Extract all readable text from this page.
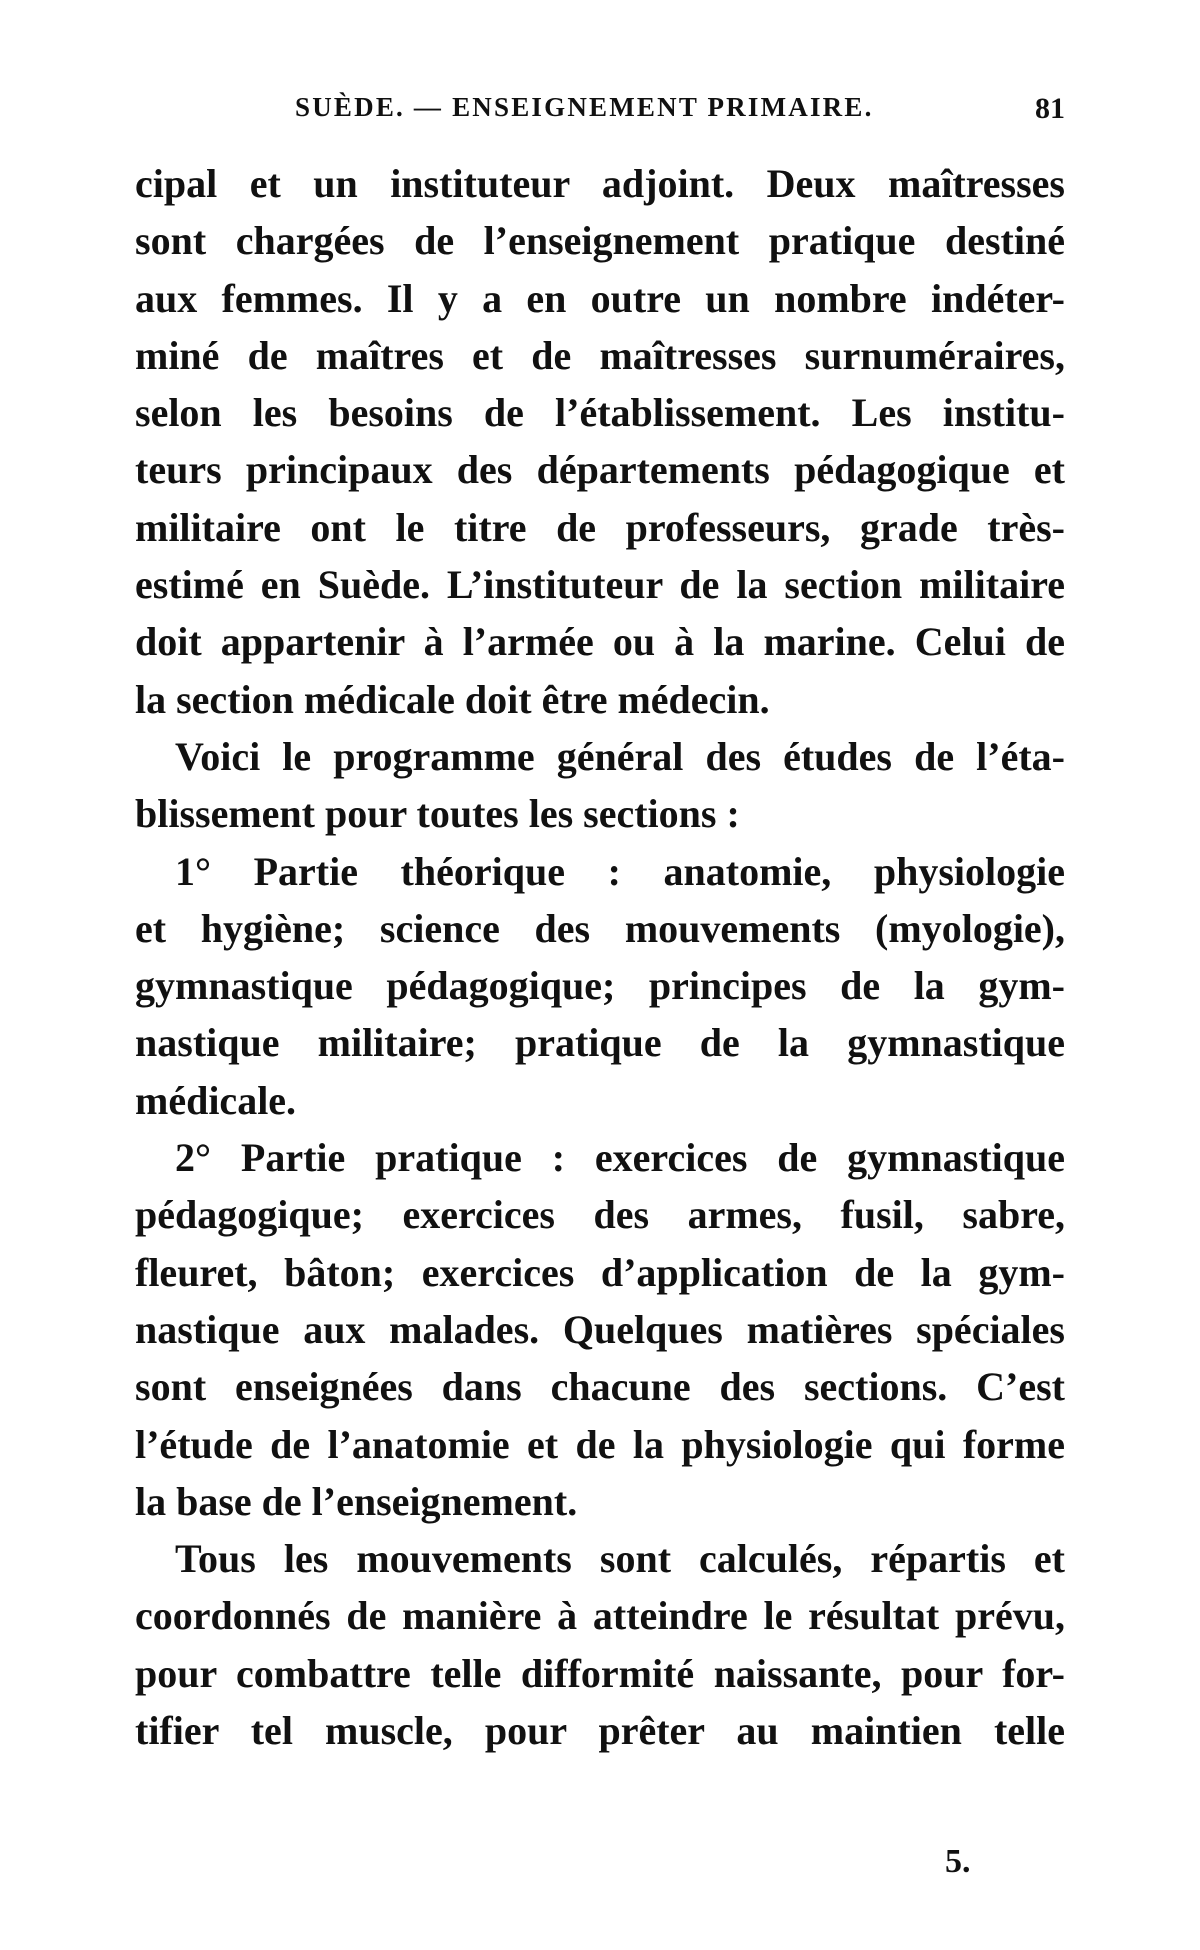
SUÈDE. — ENSEIGNEMENT PRIMAIRE.	81
cipal et un instituteur adjoint. Deux maîtresses
sont chargées de l’enseignement pratique destiné
aux femmes. Il y a en outre un nombre indéter-
miné de maîtres et de maîtresses surnuméraires,
selon les besoins de l’établissement. Les institu-
teurs principaux des départements pédagogique et
militaire ont le titre de professeurs, grade très-
estimé en Suède. L’instituteur de la section militaire
doit appartenir à l’armée ou à la marine. Celui de
la section médicale doit être médecin.
Voici le programme général des études de l’éta-
blissement pour toutes les sections :
1° Partie théorique : anatomie, physiologie
et hygiène; science des mouvements (myologie),
gymnastique pédagogique; principes de la gym-
nastique militaire; pratique de la gymnastique
médicale.
2° Partie pratique : exercices de gymnastique
pédagogique; exercices des armes, fusil, sabre,
fleuret, bâton; exercices d’application de la gym-
nastique aux malades. Quelques matières spéciales
sont enseignées dans chacune des sections. C’est
l’étude de l’anatomie et de la physiologie qui forme
la base de l’enseignement.
Tous les mouvements sont calculés, répartis et
coordonnés de manière à atteindre le résultat prévu,
pour combattre telle difformité naissante, pour for-
tifier tel muscle, pour prêter au maintien telle
5.
